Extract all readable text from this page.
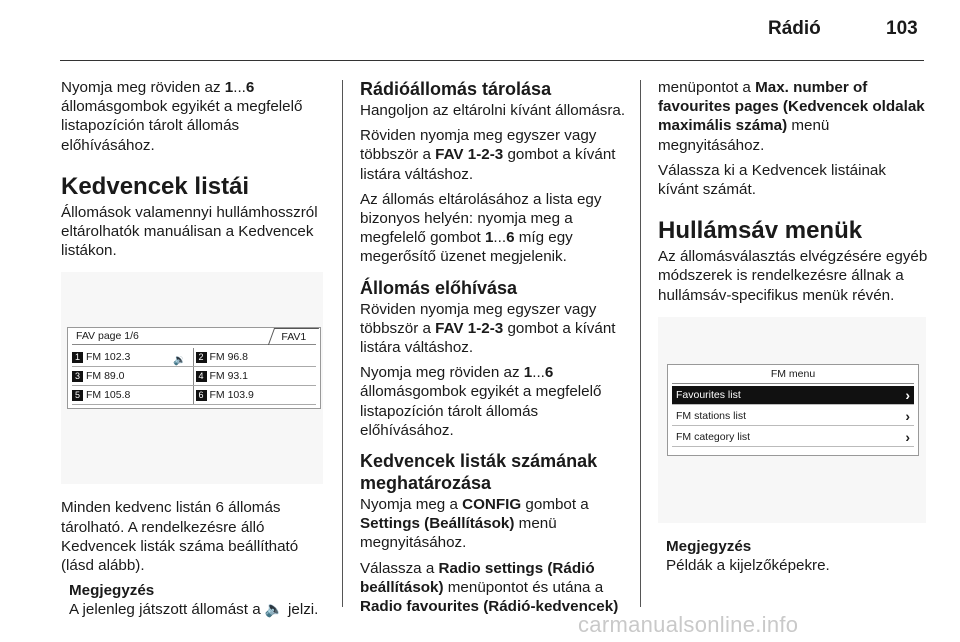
Rádió	103

Nyomja meg röviden az 1...6 állomásgombok egyikét a megfelelő listapozíción tárolt állomás előhívásához.

Kedvencek listái

Állomások valamennyi hullámhosszról eltárolhatók manuálisan a Kedvencek listákon.

FAV page 1/6	FAV1
1 FM 102.3	🔉	2 FM 96.8
3 FM 89.0	4 FM 93.1
5 FM 105.8	6 FM 103.9

Minden kedvenc listán 6 állomás tárolható. A rendelkezésre álló Kedvencek listák száma beállítható (lásd alább).

Megjegyzés
A jelenleg játszott állomást a 🔈 jelzi.
Rádióállomás tárolása

Hangoljon az eltárolni kívánt állomásra.

Röviden nyomja meg egyszer vagy többször a FAV 1-2-3 gombot a kívánt listára váltáshoz.

Az állomás eltárolásához a lista egy bizonyos helyén: nyomja meg a megfelelő gombot 1...6 míg egy megerősítő üzenet megjelenik.

Állomás előhívása

Röviden nyomja meg egyszer vagy többször a FAV 1-2-3 gombot a kívánt listára váltáshoz.

Nyomja meg röviden az 1...6 állomásgombok egyikét a megfelelő listapozíción tárolt állomás előhívásához.

Kedvencek listák számának meghatározása

Nyomja meg a CONFIG gombot a Settings (Beállítások) menü megnyitásához.

Válassza a Radio settings (Rádió beállítások) menüpontot és utána a Radio favourites (Rádió-kedvencek)

menüpontot a Max. number of favourites pages (Kedvencek oldalak maximális száma) menü megnyitásához.

Válassza ki a Kedvencek listáinak kívánt számát.

Hullámsáv menük

Az állomásválasztás elvégzésére egyéb módszerek is rendelkezésre állnak a hullámsáv-specifikus menük révén.

FM menu
Favourites list	›
FM stations list	›
FM category list	›
Megjegyzés
Példák a kijelzőképekre.
carmanualsonline.info
